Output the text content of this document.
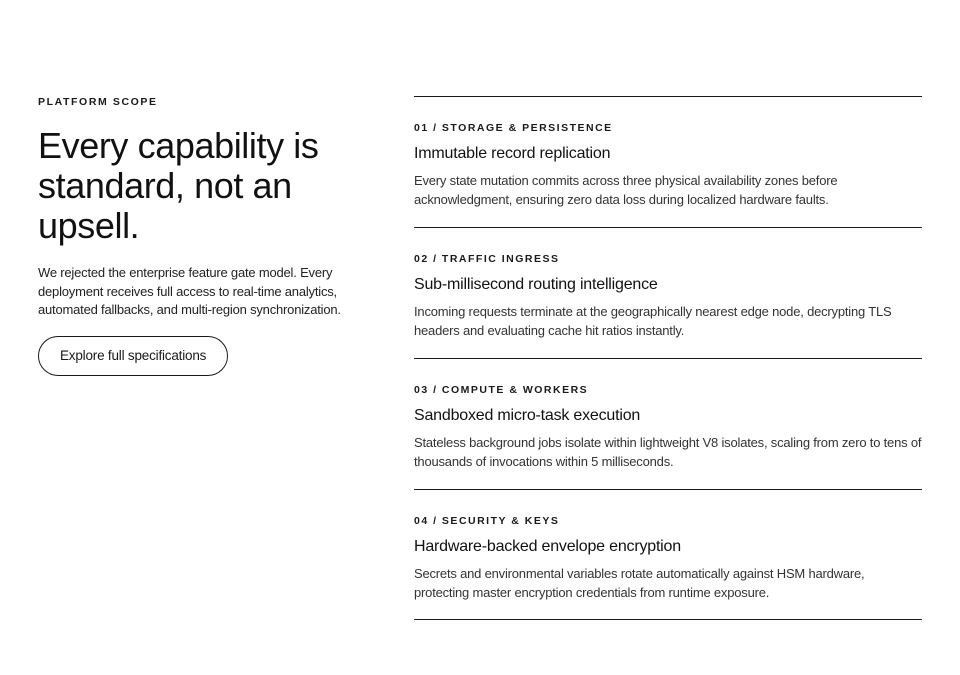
PLATFORM SCOPE
Every capability is standard, not an upsell.

We rejected the enterprise feature gate model. Every deployment receives full access to real-time analytics, automated fallbacks, and multi-region synchronization.

Explore full specifications
01 / STORAGE & PERSISTENCE
Immutable record replication
Every state mutation commits across three physical availability zones before acknowledgment, ensuring zero data loss during localized hardware faults.
02 / TRAFFIC INGRESS
Sub-millisecond routing intelligence
Incoming requests terminate at the geographically nearest edge node, decrypting TLS headers and evaluating cache hit ratios instantly.
03 / COMPUTE & WORKERS
Sandboxed micro-task execution
Stateless background jobs isolate within lightweight V8 isolates, scaling from zero to tens of thousands of invocations within 5 milliseconds.
04 / SECURITY & KEYS
Hardware-backed envelope encryption
Secrets and environmental variables rotate automatically against HSM hardware, protecting master encryption credentials from runtime exposure.
